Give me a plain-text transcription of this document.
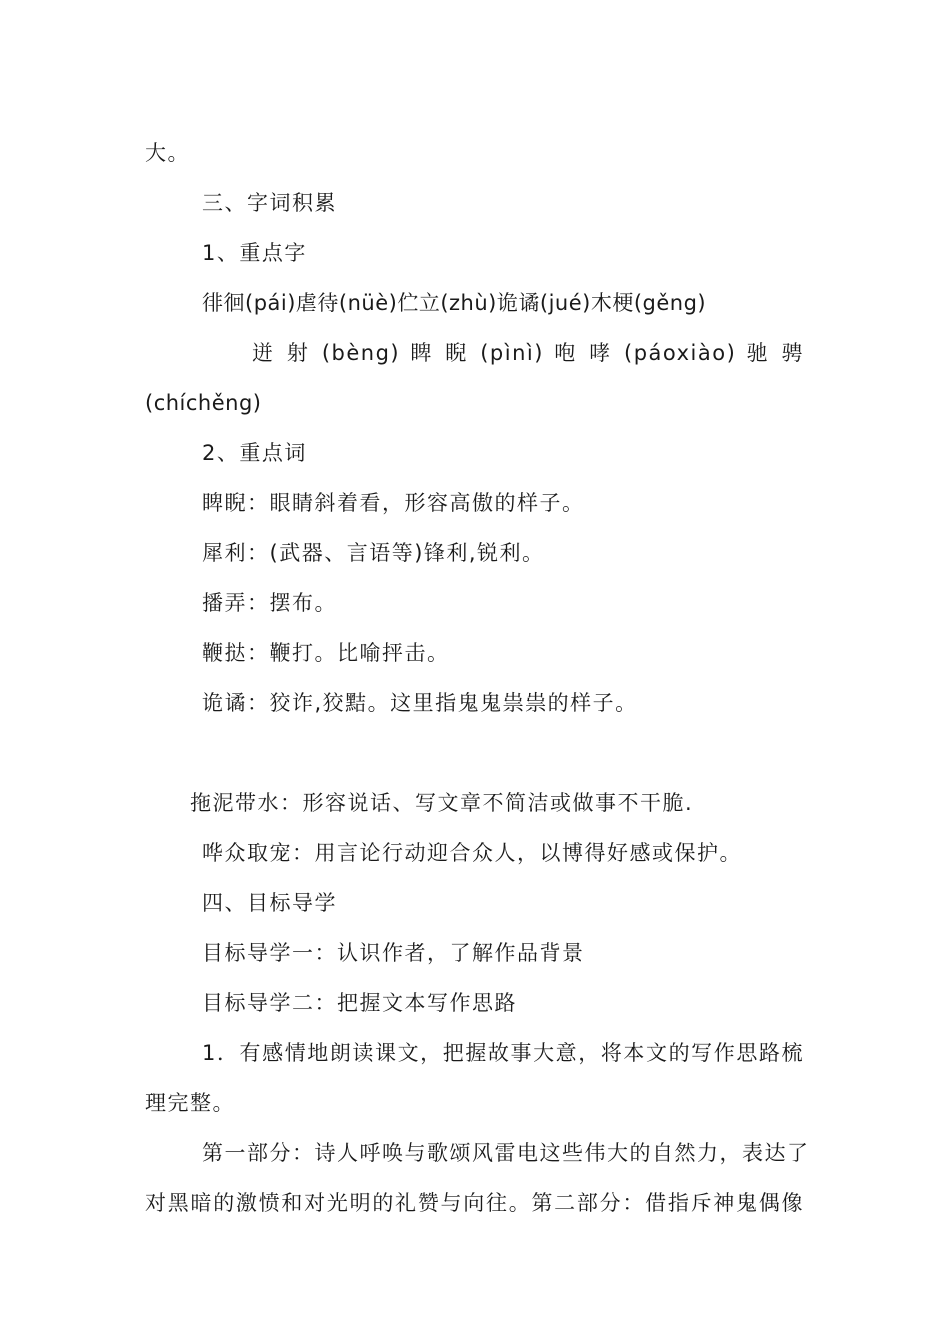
大。
三、字词积累
1、重点字
徘徊(pái)虐待(nüè)伫立(zhù)诡谲(jué)木梗(gěng)
迸 射 (bèng) 睥 睨 (pìnì) 咆 哮 (páoxiào) 驰 骋
(chíchěng)
2、重点词
睥睨：眼睛斜着看，形容高傲的样子。
犀利：(武器、言语等)锋利,锐利。
播弄：摆布。
鞭挞：鞭打。比喻抨击。
诡谲：狡诈,狡黠。这里指鬼鬼祟祟的样子。
拖泥带水：形容说话、写文章不简洁或做事不干脆.
哗众取宠：用言论行动迎合众人，以博得好感或保护。
四、目标导学
目标导学一：认识作者，了解作品背景
目标导学二：把握文本写作思路
1．有感情地朗读课文，把握故事大意，将本文的写作思路梳
理完整。
第一部分：诗人呼唤与歌颂风雷电这些伟大的自然力，表达了
对黑暗的激愤和对光明的礼赞与向往。第二部分：借指斥神鬼偶像
